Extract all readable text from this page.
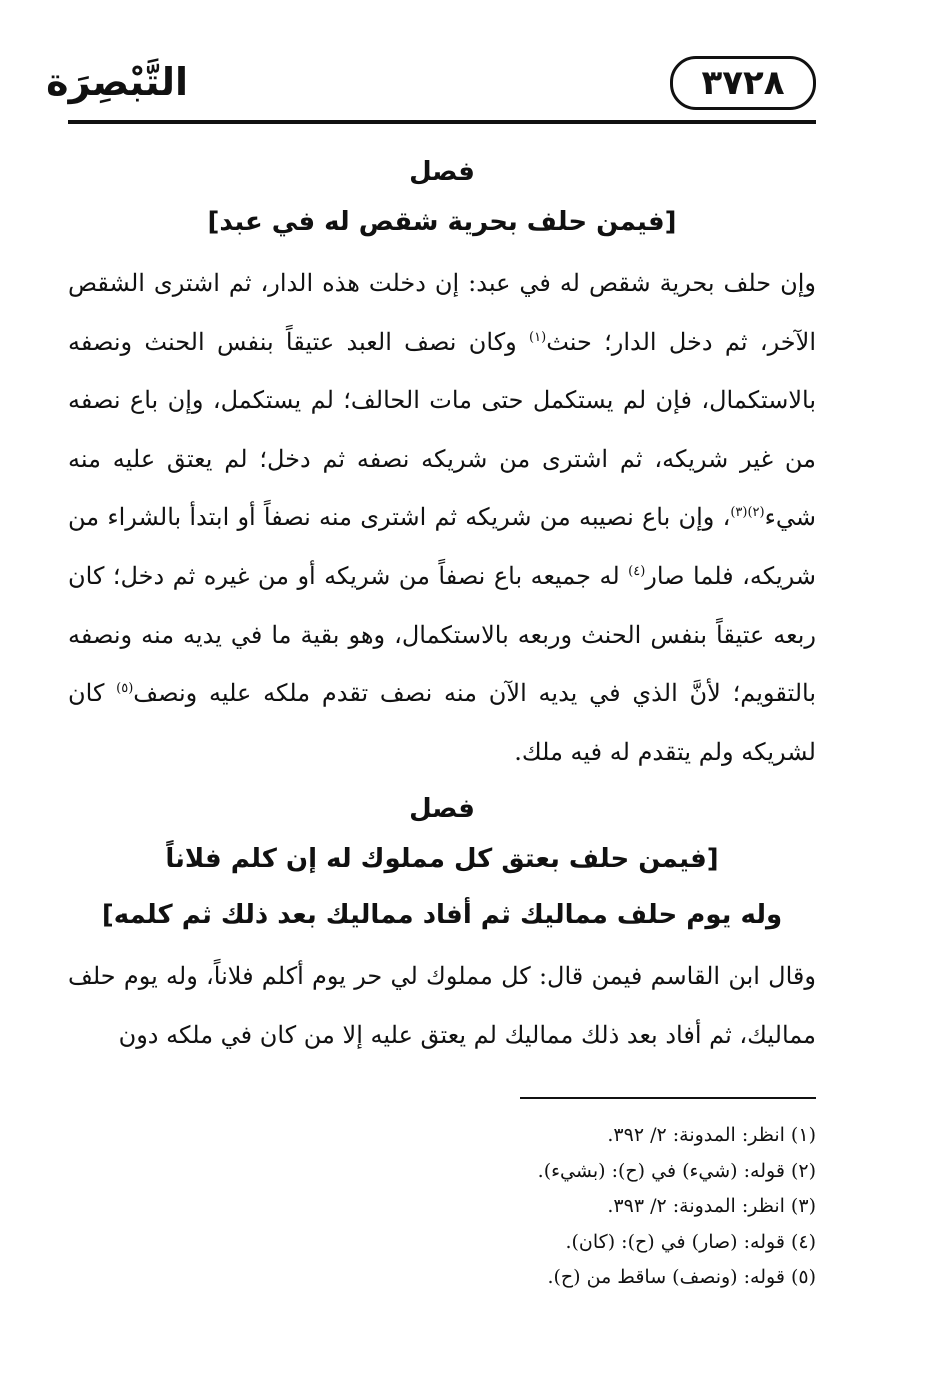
٣٧٢٨
التَّبْصِرَة
فصل
[فيمن حلف بحرية شقص له في عبد]

وإن حلف بحرية شقص له في عبد: إن دخلت هذه الدار، ثم اشترى الشقص الآخر، ثم دخل الدار؛ حنث$^{(١)}$ وكان نصف العبد عتيقاً بنفس الحنث ونصفه بالاستكمال، فإن لم يستكمل حتى مات الحالف؛ لم يستكمل، وإن باع نصفه من غير شريكه، ثم اشترى من شريكه نصفه ثم دخل؛ لم يعتق عليه منه شيء$^{(٢)(٣)}$، وإن باع نصيبه من شريكه ثم اشترى منه نصفاً أو ابتدأ بالشراء من شريكه، فلما صار$^{(٤)}$ له جميعه باع نصفاً من شريكه أو من غيره ثم دخل؛ كان ربعه عتيقاً بنفس الحنث وربعه بالاستكمال، وهو بقية ما في يديه منه ونصفه بالتقويم؛ لأنَّ الذي في يديه الآن منه نصف تقدم ملكه عليه ونصف$^{(٥)}$ كان لشريكه ولم يتقدم له فيه ملك.

فصل
[فيمن حلف بعتق كل مملوك له إن كلم فلاناً
وله يوم حلف مماليك ثم أفاد مماليك بعد ذلك ثم كلمه]

وقال ابن القاسم فيمن قال: كل مملوك لي حر يوم أكلم فلاناً، وله يوم حلف مماليك، ثم أفاد بعد ذلك مماليك لم يعتق عليه إلا من كان في ملكه دون

(١) انظر: المدونة: ٢/ ٣٩٢.
(٢) قوله: (شيء) في (ح): (بشيء).
(٣) انظر: المدونة: ٢/ ٣٩٣.
(٤) قوله: (صار) في (ح): (كان).
(٥) قوله: (ونصف) ساقط من (ح).
